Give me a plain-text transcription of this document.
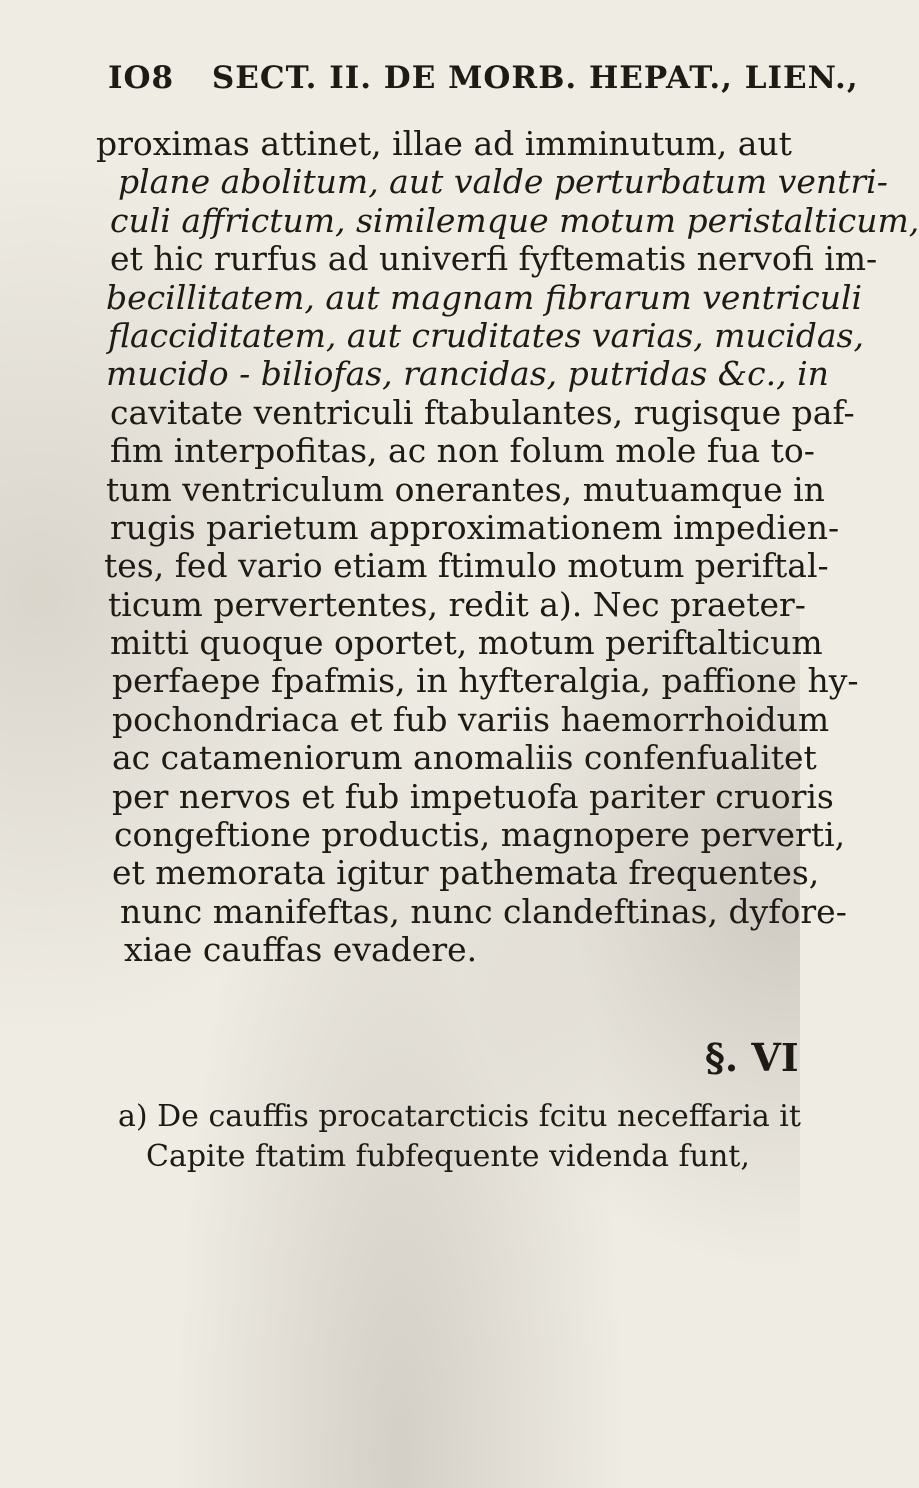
IO8 SECT. II. DE MORB. HEPAT., LIEN.,
proximas attinet, illae ad imminutum, aut
plane abolitum, aut valde perturbatum ventri-
culi affrictum, similemque motum peristalticum,
et hic rurfus ad univerfi fyftematis nervofi im-
becillitatem, aut magnam fibrarum ventriculi
flacciditatem, aut cruditates varias, mucidas,
mucido - biliofas, rancidas, putridas &c., in
cavitate ventriculi ftabulantes, rugisque paf-
fim interpofitas, ac non folum mole fua to-
tum ventriculum onerantes, mutuamque in
rugis parietum approximationem impedien-
tes, fed vario etiam ftimulo motum periftal-
ticum pervertentes, redit a). Nec praeter-
mitti quoque oportet, motum periftalticum
perfaepe fpafmis, in hyfteralgia, paffione hy-
pochondriaca et fub variis haemorrhoidum
ac catameniorum anomaliis confenfualitet
per nervos et fub impetuofa pariter cruoris
congeftione productis, magnopere perverti,
et memorata igitur pathemata frequentes,
nunc manifeftas, nunc clandeftinas, dyfore-
xiae cauffas evadere.
§. VI
a) De cauffis procatarcticis fcitu neceffaria it
Capite ftatim fubfequente videnda funt,
